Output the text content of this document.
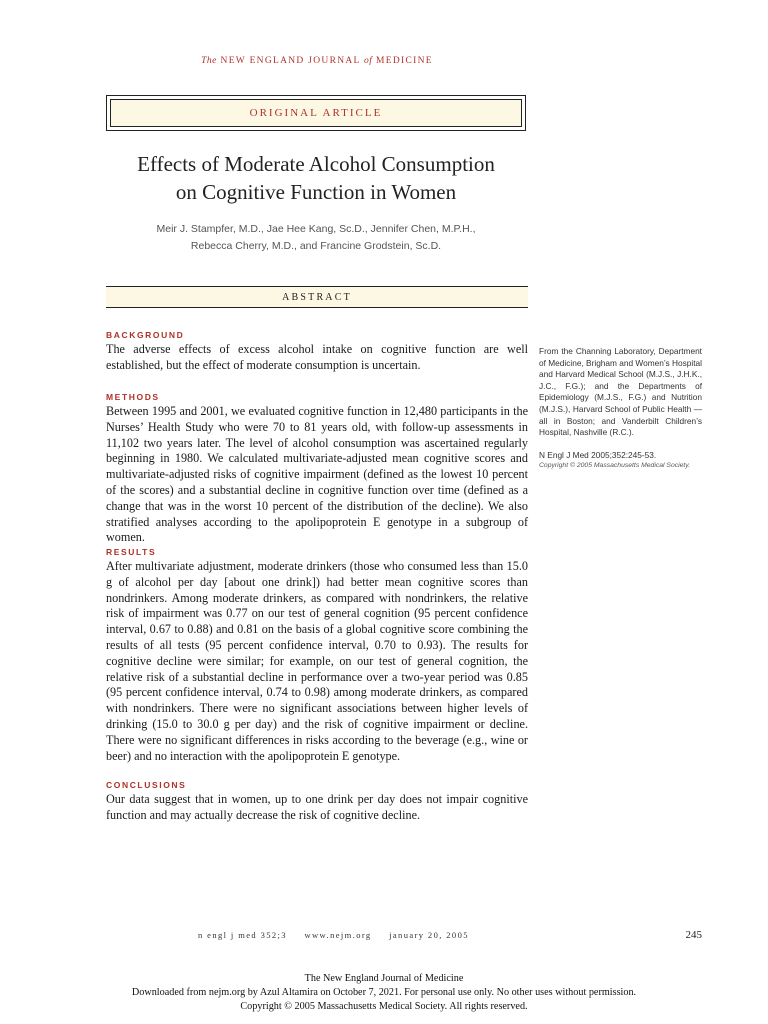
The NEW ENGLAND JOURNAL of MEDICINE
ORIGINAL ARTICLE
Effects of Moderate Alcohol Consumption
on Cognitive Function in Women
Meir J. Stampfer, M.D., Jae Hee Kang, Sc.D., Jennifer Chen, M.P.H.,
Rebecca Cherry, M.D., and Francine Grodstein, Sc.D.
ABSTRACT
BACKGROUND
The adverse effects of excess alcohol intake on cognitive function are well established, but the effect of moderate consumption is uncertain.
METHODS
Between 1995 and 2001, we evaluated cognitive function in 12,480 participants in the Nurses’ Health Study who were 70 to 81 years old, with follow-up assessments in 11,102 two years later. The level of alcohol consumption was ascertained regularly beginning in 1980. We calculated multivariate-adjusted mean cognitive scores and multivariate-adjusted risks of cognitive impairment (defined as the lowest 10 percent of the scores) and a substantial decline in cognitive function over time (defined as a change that was in the worst 10 percent of the distribution of the decline). We also stratified analyses according to the apolipoprotein E genotype in a subgroup of women.
RESULTS
After multivariate adjustment, moderate drinkers (those who consumed less than 15.0 g of alcohol per day [about one drink]) had better mean cognitive scores than nondrinkers. Among moderate drinkers, as compared with nondrinkers, the relative risk of impairment was 0.77 on our test of general cognition (95 percent confidence interval, 0.67 to 0.88) and 0.81 on the basis of a global cognitive score combining the results of all tests (95 percent confidence interval, 0.70 to 0.93). The results for cognitive decline were similar; for example, on our test of general cognition, the relative risk of a substantial decline in performance over a two-year period was 0.85 (95 percent confidence interval, 0.74 to 0.98) among moderate drinkers, as compared with nondrinkers. There were no significant associations between higher levels of drinking (15.0 to 30.0 g per day) and the risk of cognitive impairment or decline. There were no significant differences in risks according to the beverage (e.g., wine or beer) and no interaction with the apolipoprotein E genotype.
CONCLUSIONS
Our data suggest that in women, up to one drink per day does not impair cognitive function and may actually decrease the risk of cognitive decline.
From the Channing Laboratory, Department of Medicine, Brigham and Women’s Hospital and Harvard Medical School (M.J.S., J.H.K., J.C., F.G.); and the Departments of Epidemiology (M.J.S., F.G.) and Nutrition (M.J.S.), Harvard School of Public Health — all in Boston; and Vanderbilt Children’s Hospital, Nashville (R.C.).
N Engl J Med 2005;352:245-53.
Copyright © 2005 Massachusetts Medical Society.
n engl j med 352;3 www.nejm.org january 20, 2005	245
The New England Journal of Medicine
Downloaded from nejm.org by Azul Altamira on October 7, 2021. For personal use only. No other uses without permission.
Copyright © 2005 Massachusetts Medical Society. All rights reserved.
